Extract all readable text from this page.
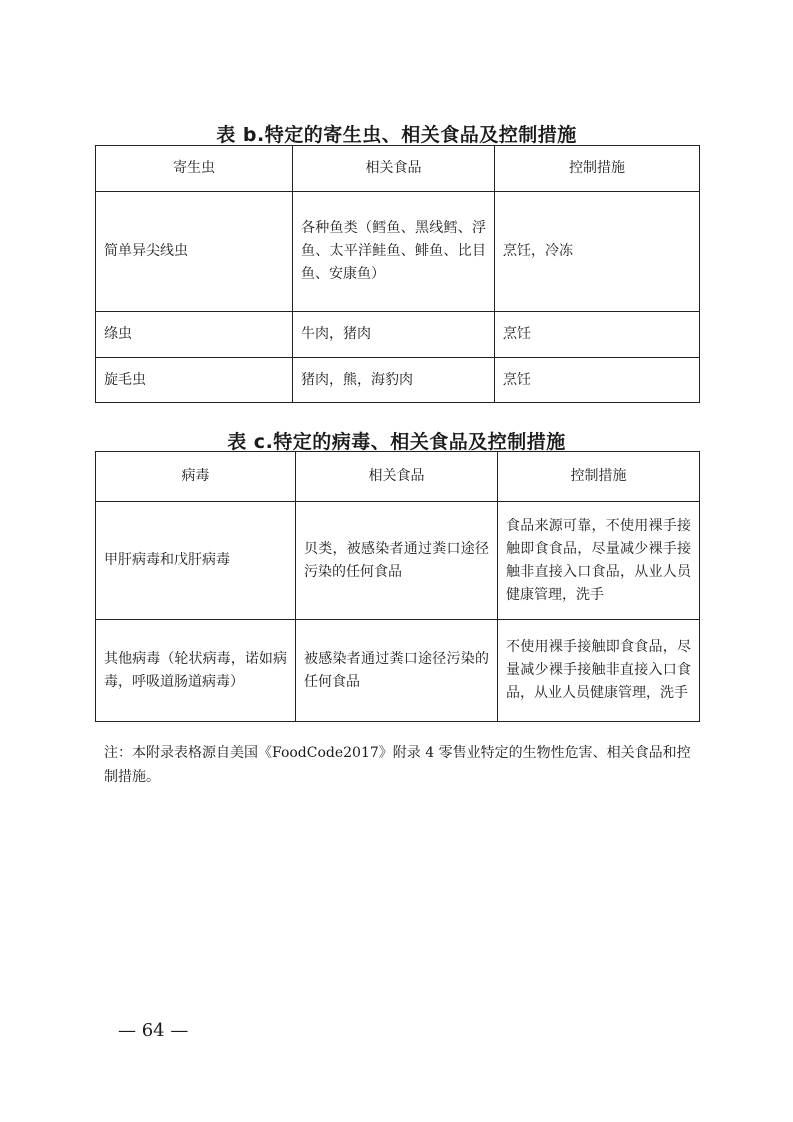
表 b.特定的寄生虫、相关食品及控制措施
寄生虫	相关食品	控制措施
简单异尖线虫	各种鱼类（鳕鱼、黑线鳕、浮鱼、太平洋鲑鱼、鲱鱼、比目鱼、安康鱼）	烹饪，冷冻
绦虫	牛肉，猪肉	烹饪
旋毛虫	猪肉，熊，海豹肉	烹饪
表 c.特定的病毒、相关食品及控制措施
病毒	相关食品	控制措施
甲肝病毒和戊肝病毒	贝类，被感染者通过粪口途径污染的任何食品	食品来源可靠，不使用裸手接触即食食品，尽量减少裸手接触非直接入口食品，从业人员健康管理，洗手
其他病毒（轮状病毒，诺如病毒，呼吸道肠道病毒）	被感染者通过粪口途径污染的任何食品	不使用裸手接触即食食品，尽量减少裸手接触非直接入口食品，从业人员健康管理，洗手
注：本附录表格源自美国《FoodCode2017》附录 4 零售业特定的生物性危害、相关食品和控制措施。
— 64 —
